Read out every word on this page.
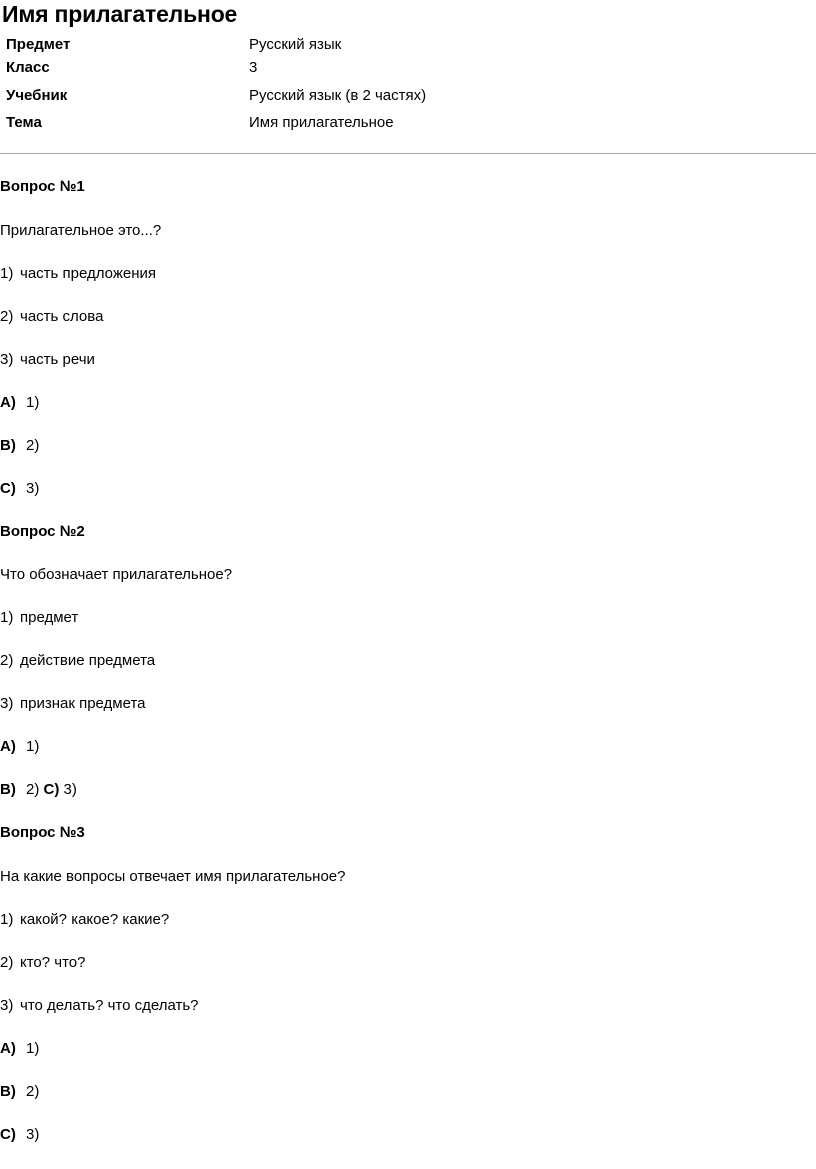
Имя прилагательное
Предмет	Русский язык
Класс	3
Учебник	Русский язык (в 2 частях)
Тема	Имя прилагательное
Вопрос №1
Прилагательное это...?
1) часть предложения
2) часть слова
3) часть речи
A) 1)
B) 2)
C) 3)
Вопрос №2
Что обозначает прилагательное?
1) предмет
2) действие предмета
3) признак предмета
A) 1)
B) 2) C) 3)
Вопрос №3
На какие вопросы отвечает имя прилагательное?
1) какой? какое? какие?
2) кто? что?
3) что делать? что сделать?
A) 1)
B) 2)
C) 3)
